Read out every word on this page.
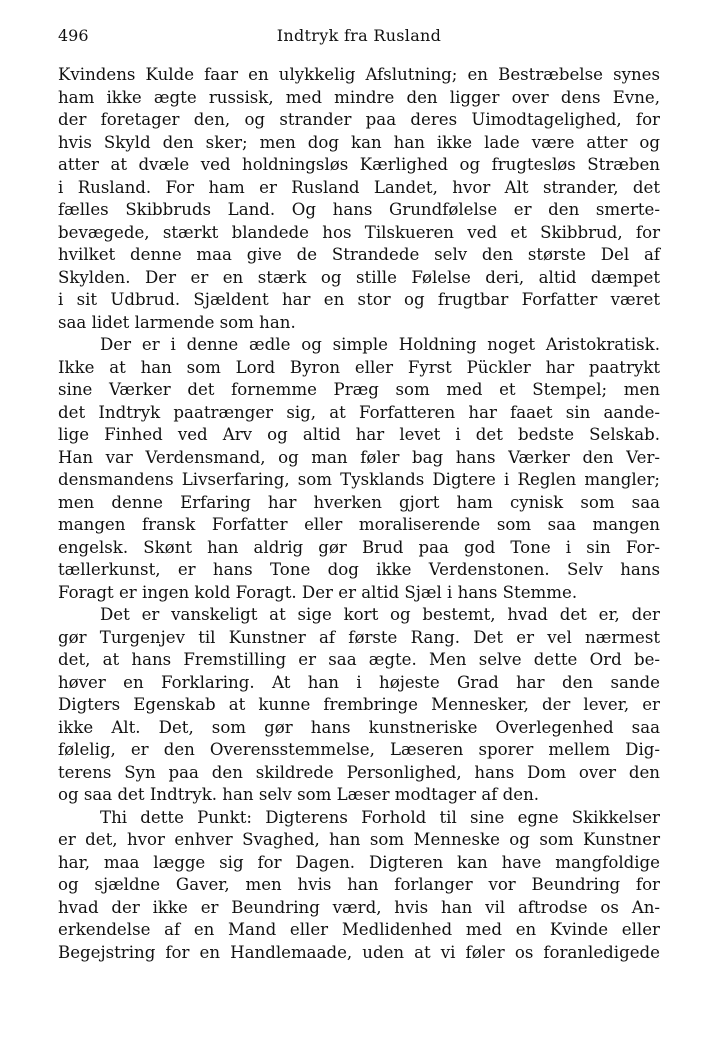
496	Indtryk fra Rusland
Kvindens Kulde faar en ulykkelig Afslutning; en Bestræbelse synes
ham ikke ægte russisk, med mindre den ligger over dens Evne,
der foretager den, og strander paa deres Uimodtagelighed, for
hvis Skyld den sker; men dog kan han ikke lade være atter og
atter at dvæle ved holdningsløs Kærlighed og frugtesløs Stræben
i Rusland. For ham er Rusland Landet, hvor Alt strander, det
fælles Skibbruds Land. Og hans Grundfølelse er den smerte-
bevægede, stærkt blandede hos Tilskueren ved et Skibbrud, for
hvilket denne maa give de Strandede selv den største Del af
Skylden. Der er en stærk og stille Følelse deri, altid dæmpet
i sit Udbrud. Sjældent har en stor og frugtbar Forfatter været
saa lidet larmende som han.
Der er i denne ædle og simple Holdning noget Aristokratisk.
Ikke at han som Lord Byron eller Fyrst Pückler har paatrykt
sine Værker det fornemme Præg som med et Stempel; men
det Indtryk paatrænger sig, at Forfatteren har faaet sin aande-
lige Finhed ved Arv og altid har levet i det bedste Selskab.
Han var Verdensmand, og man føler bag hans Værker den Ver-
densmandens Livserfaring, som Tysklands Digtere i Reglen mangler;
men denne Erfaring har hverken gjort ham cynisk som saa
mangen fransk Forfatter eller moraliserende som saa mangen
engelsk. Skønt han aldrig gør Brud paa god Tone i sin For-
tællerkunst, er hans Tone dog ikke Verdenstonen. Selv hans
Foragt er ingen kold Foragt. Der er altid Sjæl i hans Stemme.
Det er vanskeligt at sige kort og bestemt, hvad det er, der
gør Turgenjev til Kunstner af første Rang. Det er vel nærmest
det, at hans Fremstilling er saa ægte. Men selve dette Ord be-
høver en Forklaring. At han i højeste Grad har den sande
Digters Egenskab at kunne frembringe Mennesker, der lever, er
ikke Alt. Det, som gør hans kunstneriske Overlegenhed saa
følelig, er den Overensstemmelse, Læseren sporer mellem Dig-
terens Syn paa den skildrede Personlighed, hans Dom over den
og saa det Indtryk. han selv som Læser modtager af den.
Thi dette Punkt: Digterens Forhold til sine egne Skikkelser
er det, hvor enhver Svaghed, han som Menneske og som Kunstner
har, maa lægge sig for Dagen. Digteren kan have mangfoldige
og sjældne Gaver, men hvis han forlanger vor Beundring for
hvad der ikke er Beundring værd, hvis han vil aftrodse os An-
erkendelse af en Mand eller Medlidenhed med en Kvinde eller
Begejstring for en Handlemaade, uden at vi føler os foranledigede
